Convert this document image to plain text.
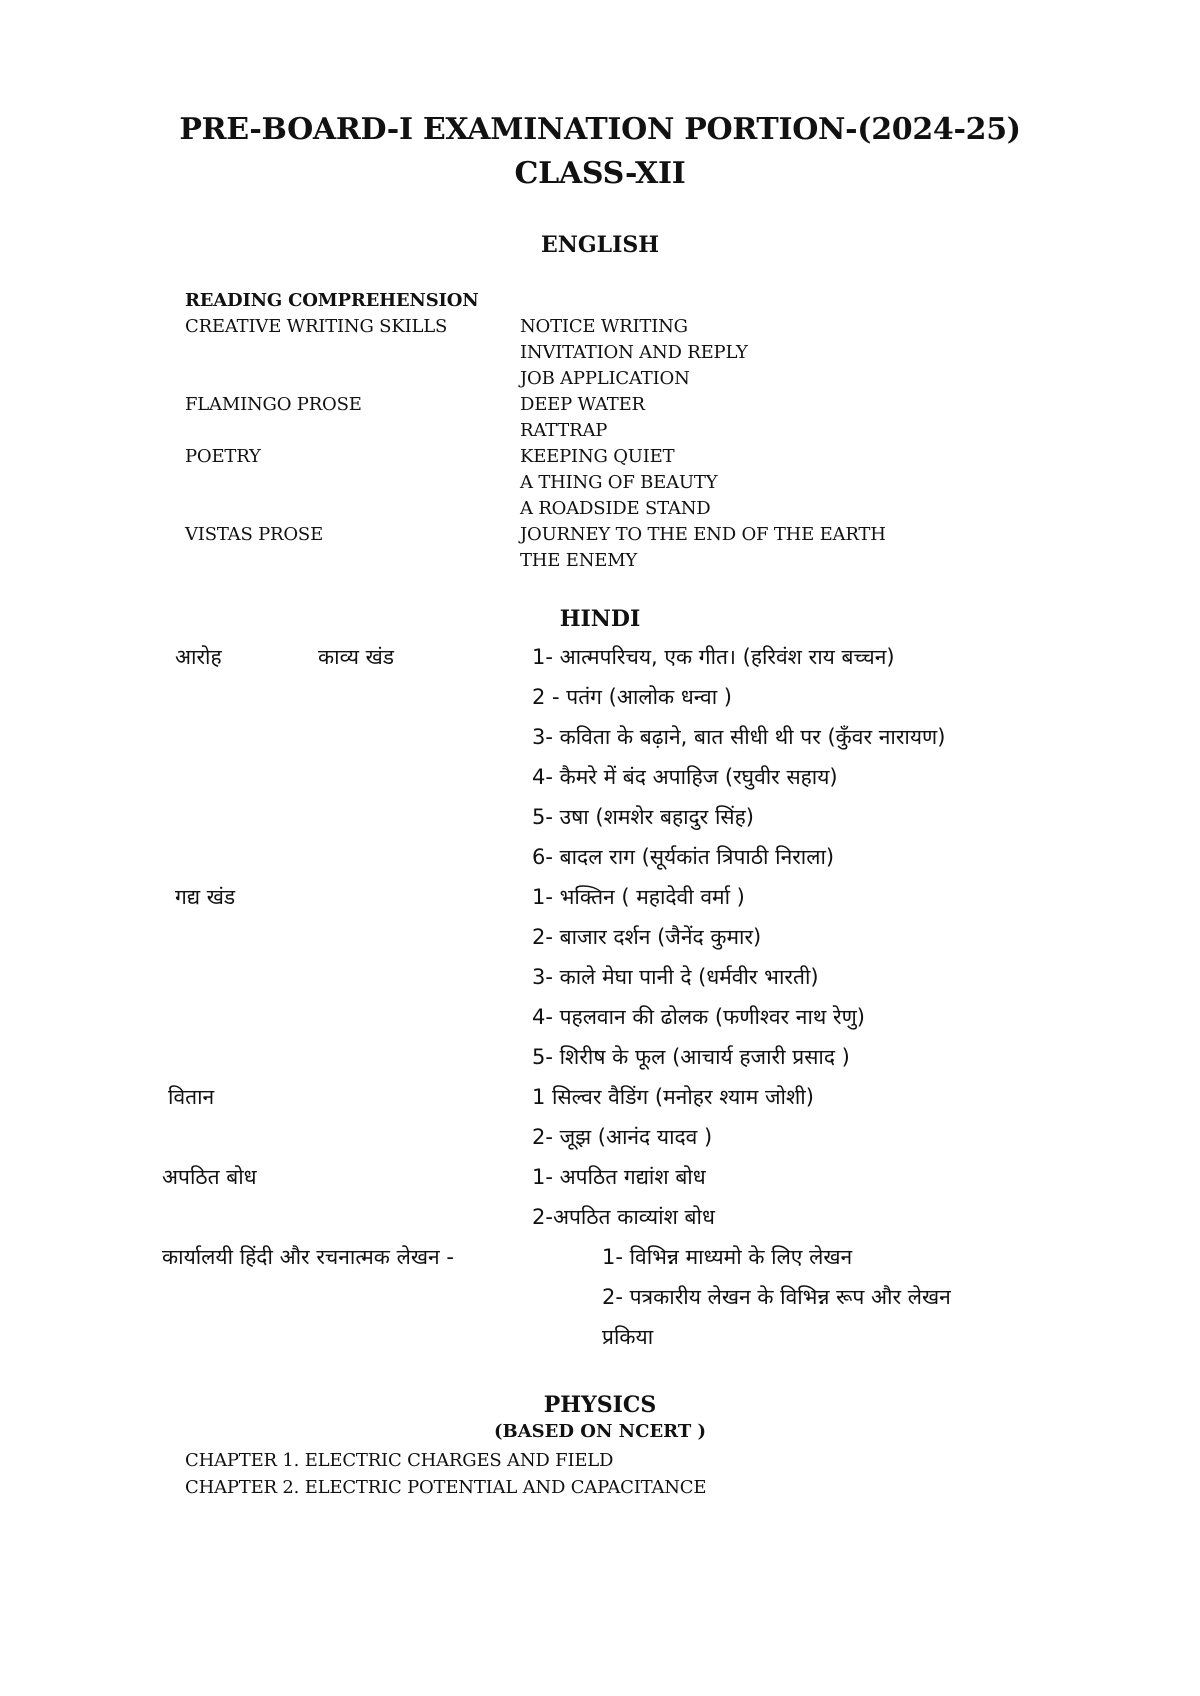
PRE-BOARD-I EXAMINATION PORTION-(2024-25)
CLASS-XII
ENGLISH
READING COMPREHENSION
CREATIVE WRITING SKILLS	NOTICE WRITING
INVITATION AND REPLY
JOB APPLICATION
FLAMINGO PROSE	DEEP WATER
RATTRAP
POETRY	KEEPING QUIET
A THING OF BEAUTY
A ROADSIDE STAND
VISTAS PROSE	JOURNEY TO THE END OF THE EARTH
THE ENEMY
HINDI
आरोह	काव्य खंड	1- आत्मपरिचय, एक गीत। (हरिवंश राय बच्चन)
2 - पतंग (आलोक धन्वा )
3- कविता के बढ़ाने, बात सीधी थी पर (कुँवर नारायण)
4- कैमरे में बंद अपाहिज (रघुवीर सहाय)
5- उषा (शमशेर बहादुर सिंह)
6- बादल राग (सूर्यकांत त्रिपाठी निराला)
गद्य खंड	1- भक्तिन ( महादेवी वर्मा )
2- बाजार दर्शन (जैनेंद कुमार)
3- काले मेघा पानी दे (धर्मवीर भारती)
4- पहलवान की ढोलक (फणीश्वर नाथ रेणु)
5- शिरीष के फूल (आचार्य हजारी प्रसाद )
वितान	1 सिल्वर वैडिंग (मनोहर श्याम जोशी)
2- जूझ (आनंद यादव )
अपठित बोध	1- अपठित गद्यांश बोध
2-अपठित काव्यांश बोध
कार्यालयी हिंदी और रचनात्मक लेखन -	1- विभिन्न माध्यमो के लिए लेखन
2- पत्रकारीय लेखन के विभिन्न रूप और लेखन
प्रकिया
PHYSICS
(BASED ON NCERT )
CHAPTER 1. ELECTRIC CHARGES AND FIELD
CHAPTER 2. ELECTRIC POTENTIAL AND CAPACITANCE
